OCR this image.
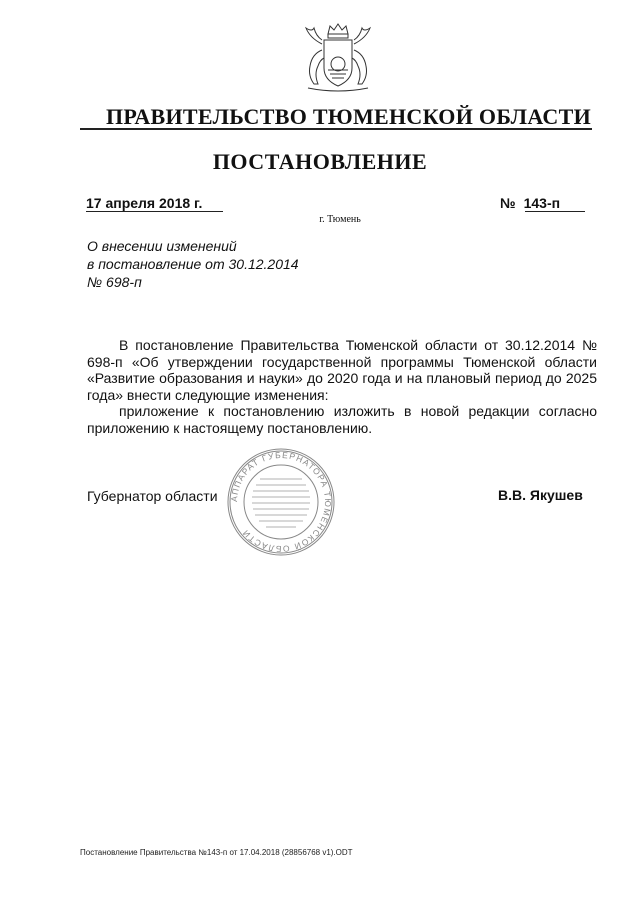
ПРАВИТЕЛЬСТВО ТЮМЕНСКОЙ ОБЛАСТИ
ПОСТАНОВЛЕНИЕ
17 апреля 2018 г.	№ 143-п
г. Тюмень
О внесении изменений
в постановление от 30.12.2014
№ 698-п

В постановление Правительства Тюменской области от 30.12.2014 № 698-п «Об утверждении государственной программы Тюменской области «Развитие образования и науки» до 2020 года и на плановый период до 2025 года» внести следующие изменения:

приложение к постановлению изложить в новой редакции согласно приложению к настоящему постановлению.

АППАРАТ ГУБЕРНАТОРА ТЮМЕНСКОЙ ОБЛАСТИ
Губернатор области	В.В. Якушев
Постановление Правительства №143-п от 17.04.2018 (28856768 v1).ODT
